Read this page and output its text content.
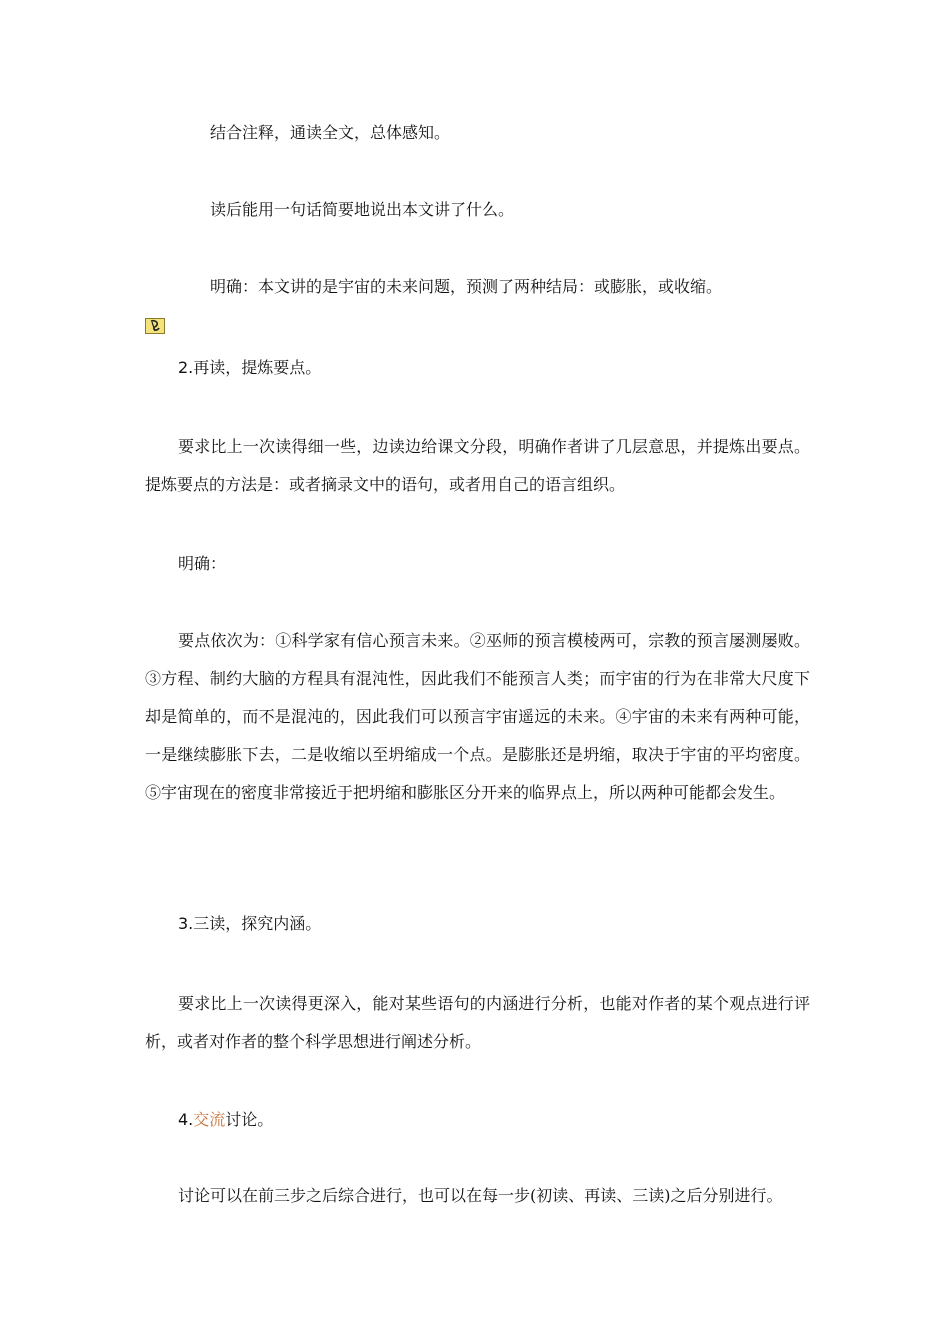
结合注释，通读全文，总体感知。

读后能用一句话简要地说出本文讲了什么。

明确：本文讲的是宇宙的未来问题，预测了两种结局：或膨胀，或收缩。

2.再读，提炼要点。

要求比上一次读得细一些，边读边给课文分段，明确作者讲了几层意思，并提炼出要点。提炼要点的方法是：或者摘录文中的语句，或者用自己的语言组织。

明确：

要点依次为：①科学家有信心预言未来。②巫师的预言模棱两可，宗教的预言屡测屡败。③方程、制约大脑的方程具有混沌性，因此我们不能预言人类；而宇宙的行为在非常大尺度下却是简单的，而不是混沌的，因此我们可以预言宇宙遥远的未来。④宇宙的未来有两种可能，一是继续膨胀下去，二是收缩以至坍缩成一个点。是膨胀还是坍缩，取决于宇宙的平均密度。⑤宇宙现在的密度非常接近于把坍缩和膨胀区分开来的临界点上，所以两种可能都会发生。

3.三读，探究内涵。

要求比上一次读得更深入，能对某些语句的内涵进行分析，也能对作者的某个观点进行评析，或者对作者的整个科学思想进行阐述分析。

4.交流讨论。

讨论可以在前三步之后综合进行，也可以在每一步(初读、再读、三读)之后分别进行。
